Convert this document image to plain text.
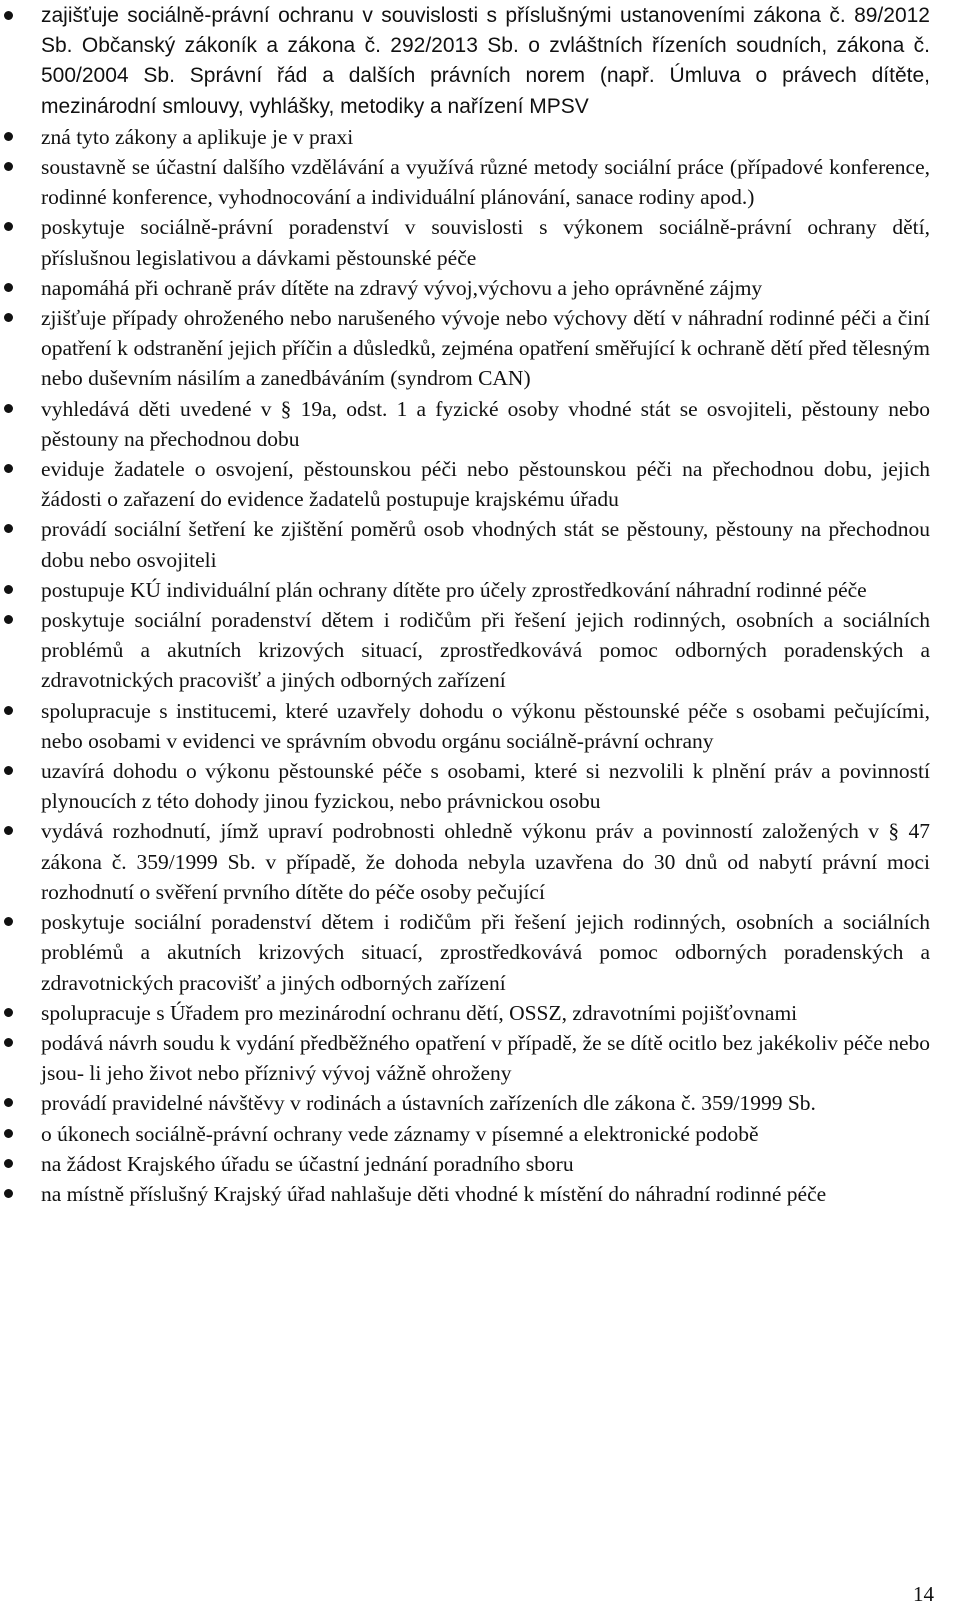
zajišťuje sociálně-právní ochranu v souvislosti s příslušnými ustanoveními zákona č. 89/2012 Sb. Občanský zákoník a zákona č. 292/2013 Sb. o zvláštních řízeních soudních, zákona č. 500/2004 Sb. Správní řád a dalších právních norem (např. Úmluva o právech dítěte, mezinárodní smlouvy, vyhlášky, metodiky a nařízení MPSV
zná tyto zákony a aplikuje je v praxi
soustavně se účastní dalšího vzdělávání a využívá různé metody sociální práce (případové konference, rodinné konference, vyhodnocování a individuální plánování, sanace rodiny apod.)
poskytuje sociálně-právní poradenství v souvislosti s výkonem sociálně-právní ochrany dětí, příslušnou legislativou a dávkami pěstounské péče
napomáhá při ochraně práv dítěte na zdravý vývoj,výchovu a jeho oprávněné zájmy
zjišťuje případy ohroženého nebo narušeného vývoje nebo výchovy dětí v náhradní rodinné péči a činí opatření k odstranění jejich příčin a důsledků, zejména opatření směřující k ochraně dětí před tělesným nebo duševním násilím a zanedbáváním (syndrom CAN)
vyhledává děti uvedené v § 19a, odst. 1 a fyzické osoby vhodné stát se osvojiteli, pěstouny nebo pěstouny na přechodnou dobu
eviduje žadatele o osvojení, pěstounskou péči nebo pěstounskou péči na přechodnou dobu, jejich žádosti o zařazení do evidence žadatelů postupuje krajskému úřadu
provádí sociální šetření ke zjištění poměrů osob vhodných stát se pěstouny, pěstouny na přechodnou dobu nebo osvojiteli
postupuje KÚ individuální plán ochrany dítěte pro účely zprostředkování náhradní rodinné péče
poskytuje sociální poradenství dětem i rodičům při řešení jejich rodinných, osobních a sociálních problémů a akutních krizových situací, zprostředkovává pomoc odborných poradenských a zdravotnických pracovišť a jiných odborných zařízení
spolupracuje s institucemi, které uzavřely dohodu o výkonu pěstounské péče s osobami pečujícími, nebo osobami v evidenci ve správním obvodu orgánu sociálně-právní ochrany
uzavírá dohodu o výkonu pěstounské péče s osobami, které si nezvolili k plnění práv a povinností plynoucích z této dohody jinou fyzickou, nebo právnickou osobu
vydává rozhodnutí, jímž upraví podrobnosti ohledně výkonu práv a povinností založených v § 47 zákona č. 359/1999 Sb. v případě, že dohoda nebyla uzavřena do 30 dnů od nabytí právní moci rozhodnutí o svěření prvního dítěte do péče osoby pečující
poskytuje sociální poradenství dětem i rodičům při řešení jejich rodinných, osobních a sociálních problémů a akutních krizových situací, zprostředkovává pomoc odborných poradenských a zdravotnických pracovišť a jiných odborných zařízení
spolupracuje s Úřadem pro mezinárodní ochranu dětí, OSSZ, zdravotními pojišťovnami
podává návrh soudu k vydání předběžného opatření v případě, že se dítě ocitlo bez jakékoliv péče nebo jsou- li jeho život nebo příznivý vývoj vážně ohroženy
provádí pravidelné návštěvy v rodinách a ústavních zařízeních dle zákona č. 359/1999 Sb.
o úkonech sociálně-právní ochrany vede záznamy v písemné a elektronické podobě
na žádost Krajského úřadu se účastní jednání poradního sboru
na místně příslušný Krajský úřad nahlašuje děti vhodné k místění do náhradní rodinné péče
14
